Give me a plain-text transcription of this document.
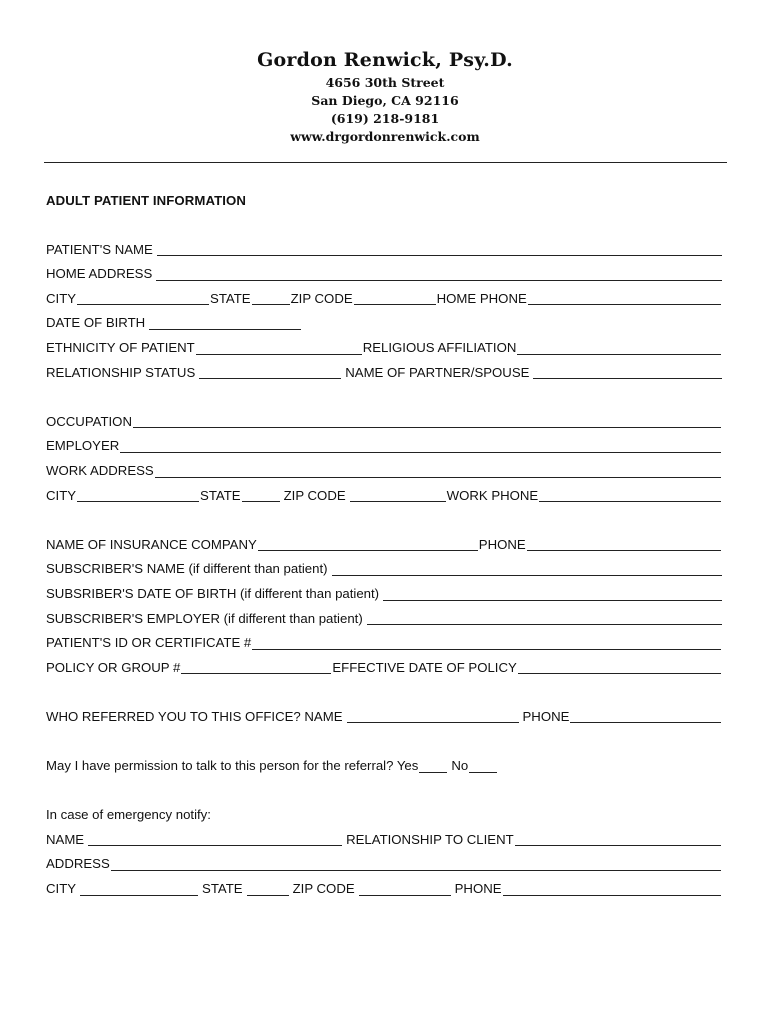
Gordon Renwick, Psy.D.
4656 30th Street
San Diego, CA 92116
(619) 218-9181
www.drgordonrenwick.com
ADULT PATIENT INFORMATION
PATIENT'S NAME
HOME ADDRESS
CITY	STATE	ZIP CODE	HOME PHONE
DATE OF BIRTH
ETHNICITY OF PATIENT	RELIGIOUS AFFILIATION
RELATIONSHIP STATUS	NAME OF PARTNER/SPOUSE
OCCUPATION
EMPLOYER
WORK ADDRESS
CITY	STATE	ZIP CODE	WORK PHONE
NAME OF INSURANCE COMPANY	PHONE
SUBSCRIBER'S NAME (if different than patient)
SUBSRIBER'S DATE OF BIRTH (if different than patient)
SUBSCRIBER'S EMPLOYER (if different than patient)
PATIENT'S ID OR CERTIFICATE #
POLICY OR GROUP #	EFFECTIVE DATE OF POLICY
WHO REFERRED YOU TO THIS OFFICE? NAME	PHONE
May I have permission to talk to this person for the referral? Yes	No
In case of emergency notify:
NAME	RELATIONSHIP TO CLIENT
ADDRESS
CITY	STATE	ZIP CODE	PHONE
